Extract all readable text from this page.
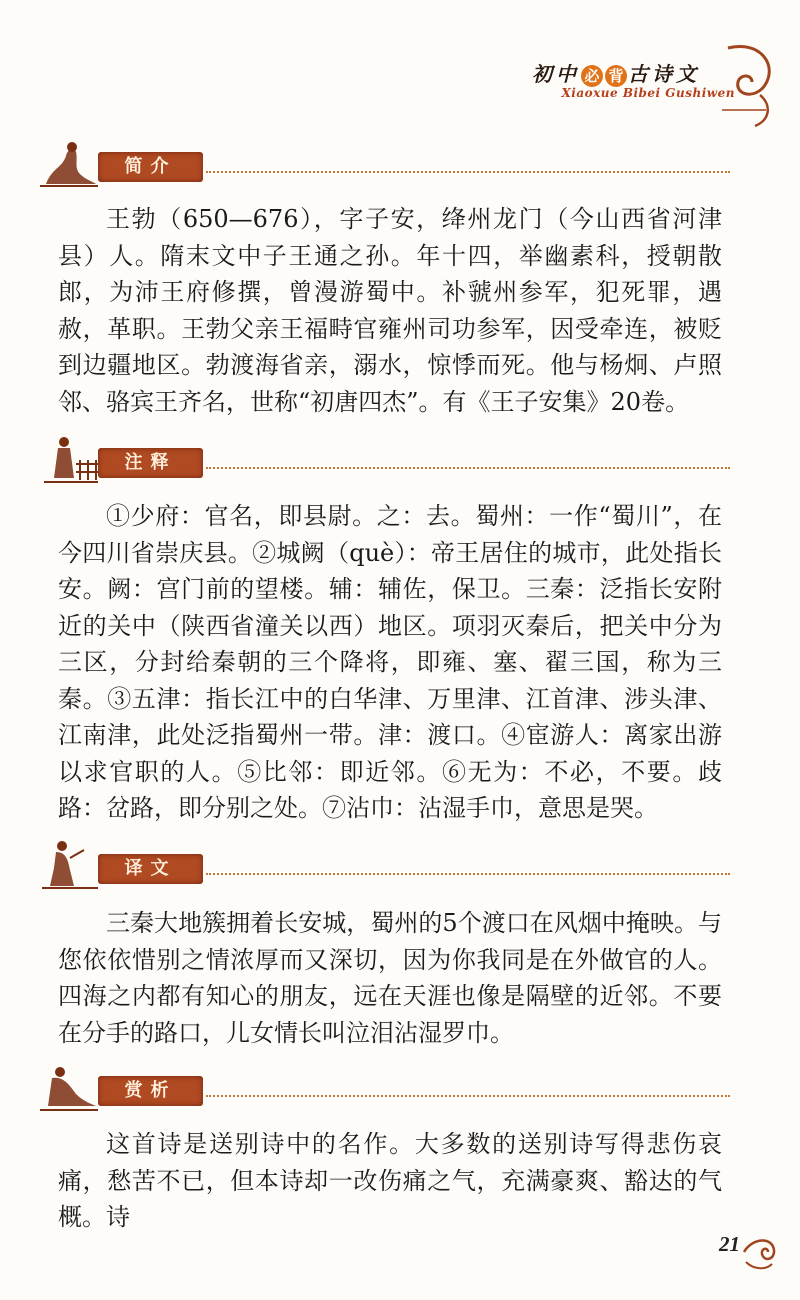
初中 必 背 古诗文
Xiaoxue Bibei Gushiwen
简介

王勃（650—676），字子安，绛州龙门（今山西省河津县）人。隋末文中子王通之孙。年十四，举幽素科，授朝散郎，为沛王府修撰，曾漫游蜀中。补虢州参军，犯死罪，遇赦，革职。王勃父亲王福畤官雍州司功参军，因受牵连，被贬到边疆地区。勃渡海省亲，溺水，惊悸而死。他与杨炯、卢照邻、骆宾王齐名，世称“初唐四杰”。有《王子安集》20卷。

注释

①少府：官名，即县尉。之：去。蜀州：一作“蜀川”，在今四川省崇庆县。②城阙（què）：帝王居住的城市，此处指长安。阙：宫门前的望楼。辅：辅佐，保卫。三秦：泛指长安附近的关中（陕西省潼关以西）地区。项羽灭秦后，把关中分为三区，分封给秦朝的三个降将，即雍、塞、翟三国，称为三秦。③五津：指长江中的白华津、万里津、江首津、涉头津、江南津，此处泛指蜀州一带。津：渡口。④宦游人：离家出游以求官职的人。⑤比邻：即近邻。⑥无为：不必，不要。歧路：岔路，即分别之处。⑦沾巾：沾湿手巾，意思是哭。

译文

三秦大地簇拥着长安城，蜀州的5个渡口在风烟中掩映。与您依依惜别之情浓厚而又深切，因为你我同是在外做官的人。四海之内都有知心的朋友，远在天涯也像是隔壁的近邻。不要在分手的路口，儿女情长叫泣泪沾湿罗巾。

赏析

这首诗是送别诗中的名作。大多数的送别诗写得悲伤哀痛，愁苦不已，但本诗却一改伤痛之气，充满豪爽、豁达的气概。诗

21
